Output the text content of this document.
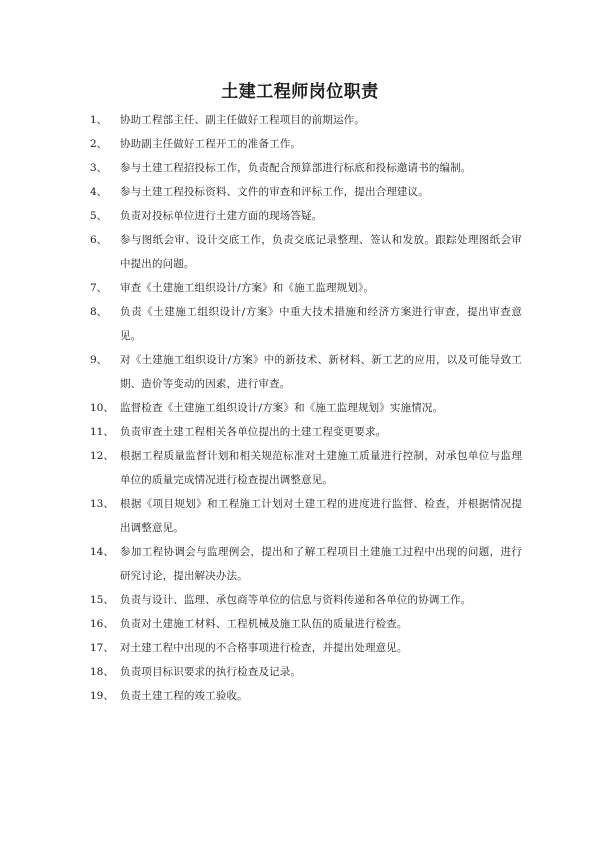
土建工程师岗位职责
1、	协助工程部主任、副主任做好工程项目的前期运作。
2、	协助副主任做好工程开工的准备工作。
3、	参与土建工程招投标工作，负责配合预算部进行标底和投标邀请书的编制。
4、	参与土建工程投标资料、文件的审查和评标工作，提出合理建议。
5、	负责对投标单位进行土建方面的现场答疑。
6、	参与图纸会审、设计交底工作，负责交底记录整理、签认和发放。跟踪处理图纸会审中提出的问题。
7、	审查《土建施工组织设计/方案》和《施工监理规划》。
8、	负责《土建施工组织设计/方案》中重大技术措施和经济方案进行审查，提出审查意见。
9、	对《土建施工组织设计/方案》中的新技术、新材料、新工艺的应用，以及可能导致工期、造价等变动的因素，进行审查。
10、 监督检查《土建施工组织设计/方案》和《施工监理规划》实施情况。
11、 负责审查土建工程相关各单位提出的土建工程变更要求。
12、 根据工程质量监督计划和相关规范标准对土建施工质量进行控制，对承包单位与监理单位的质量完成情况进行检查提出调整意见。
13、 根据《项目规划》和工程施工计划对土建工程的进度进行监督、检查，并根据情况提出调整意见。
14、 参加工程协调会与监理例会，提出和了解工程项目土建施工过程中出现的问题，进行研究讨论，提出解决办法。
15、 负责与设计、监理、承包商等单位的信息与资料传递和各单位的协调工作。
16、 负责对土建施工材料、工程机械及施工队伍的质量进行检查。
17、 对土建工程中出现的不合格事项进行检查，并提出处理意见。
18、 负责项目标识要求的执行检查及记录。
19、 负责土建工程的竣工验收。
